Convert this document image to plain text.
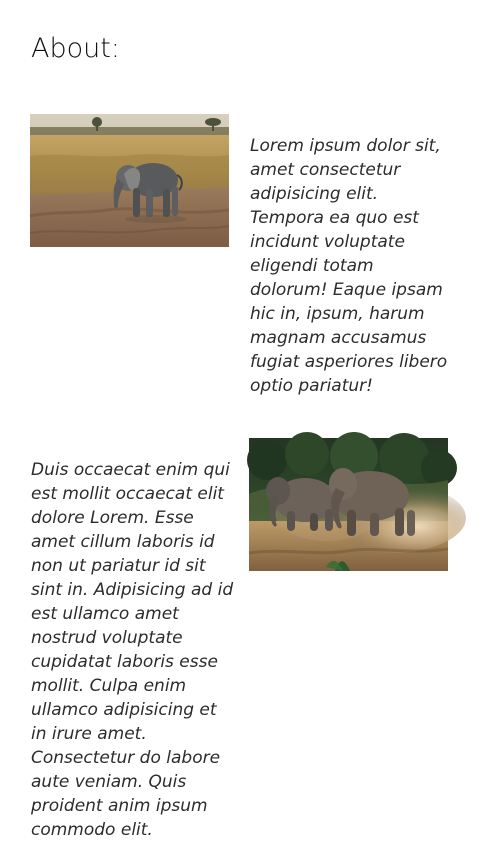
About:

Lorem ipsum dolor sit, amet consectetur adipisicing elit. Tempora ea quo est incidunt voluptate eligendi totam dolorum! Eaque ipsam hic in, ipsum, harum magnam accusamus fugiat asperiores libero optio pariatur!

Duis occaecat enim qui est mollit occaecat elit dolore Lorem. Esse amet cillum laboris id non ut pariatur id sit sint in. Adipisicing ad id est ullamco amet nostrud voluptate cupidatat laboris esse mollit. Culpa enim ullamco adipisicing et in irure amet. Consectetur do labore aute veniam. Quis proident anim ipsum commodo elit.
